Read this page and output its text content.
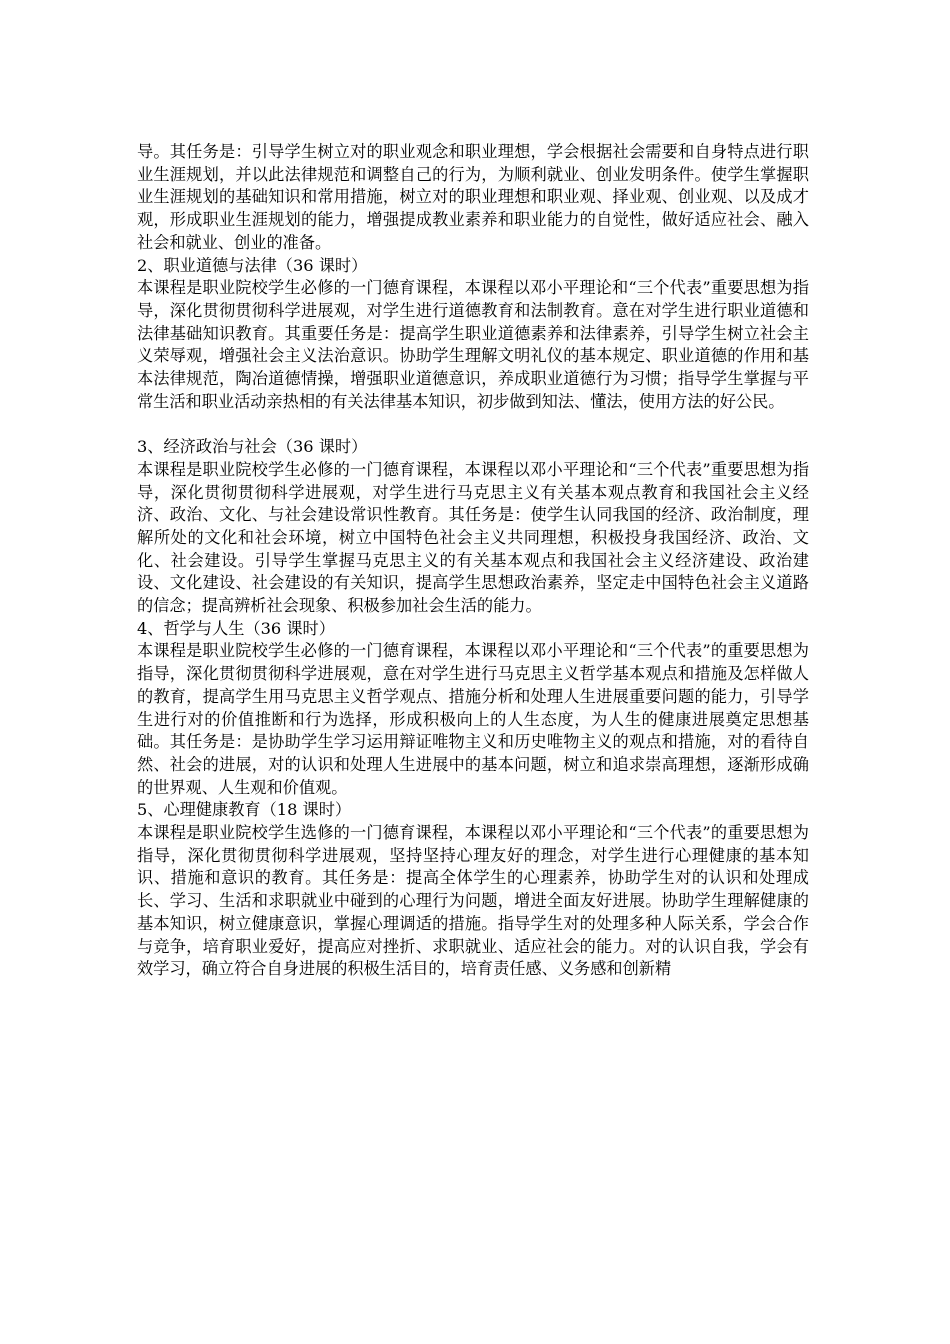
导。其任务是：引导学生树立对的职业观念和职业理想，学会根据社会需要和自身特点进行职业生涯规划，并以此法律规范和调整自己的行为，为顺利就业、创业发明条件。使学生掌握职业生涯规划的基础知识和常用措施，树立对的职业理想和职业观、择业观、创业观、以及成才观，形成职业生涯规划的能力，增强提成教业素养和职业能力的自觉性，做好适应社会、融入社会和就业、创业的准备。

2、职业道德与法律（36 课时）

本课程是职业院校学生必修的一门德育课程，本课程以邓小平理论和“三个代表”重要思想为指导，深化贯彻贯彻科学进展观，对学生进行道德教育和法制教育。意在对学生进行职业道德和法律基础知识教育。其重要任务是：提高学生职业道德素养和法律素养，引导学生树立社会主义荣辱观，增强社会主义法治意识。协助学生理解文明礼仪的基本规定、职业道德的作用和基本法律规范，陶冶道德情操，增强职业道德意识，养成职业道德行为习惯；指导学生掌握与平常生活和职业活动亲热相的有关法律基本知识，初步做到知法、懂法，使用方法的好公民。

3、经济政治与社会（36 课时）

本课程是职业院校学生必修的一门德育课程，本课程以邓小平理论和“三个代表”重要思想为指导，深化贯彻贯彻科学进展观，对学生进行马克思主义有关基本观点教育和我国社会主义经济、政治、文化、与社会建设常识性教育。其任务是：使学生认同我国的经济、政治制度，理解所处的文化和社会环境，树立中国特色社会主义共同理想，积极投身我国经济、政治、文化、社会建设。引导学生掌握马克思主义的有关基本观点和我国社会主义经济建设、政治建设、文化建设、社会建设的有关知识，提高学生思想政治素养，坚定走中国特色社会主义道路的信念；提高辨析社会现象、积极参加社会生活的能力。

4、哲学与人生（36 课时）

本课程是职业院校学生必修的一门德育课程，本课程以邓小平理论和“三个代表”的重要思想为指导，深化贯彻贯彻科学进展观，意在对学生进行马克思主义哲学基本观点和措施及怎样做人的教育，提高学生用马克思主义哲学观点、措施分析和处理人生进展重要问题的能力，引导学生进行对的价值推断和行为选择，形成积极向上的人生态度，为人生的健康进展奠定思想基础。其任务是：是协助学生学习运用辩证唯物主义和历史唯物主义的观点和措施，对的看待自然、社会的进展，对的认识和处理人生进展中的基本问题，树立和追求崇高理想，逐渐形成确的世界观、人生观和价值观。

5、心理健康教育（18 课时）

本课程是职业院校学生选修的一门德育课程，本课程以邓小平理论和“三个代表”的重要思想为指导，深化贯彻贯彻科学进展观，坚持坚持心理友好的理念，对学生进行心理健康的基本知识、措施和意识的教育。其任务是：提高全体学生的心理素养，协助学生对的认识和处理成长、学习、生活和求职就业中碰到的心理行为问题，增进全面友好进展。协助学生理解健康的基本知识，树立健康意识，掌握心理调适的措施。指导学生对的处理多种人际关系，学会合作与竞争，培育职业爱好，提高应对挫折、求职就业、适应社会的能力。对的认识自我，学会有效学习，确立符合自身进展的积极生活目的，培育责任感、义务感和创新精
